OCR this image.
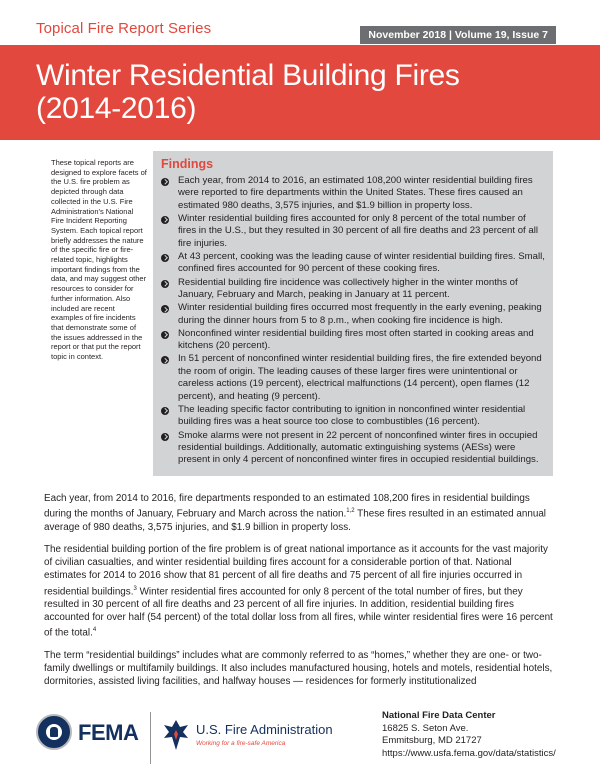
Topical Fire Report Series	November 2018 | Volume 19, Issue 7
Winter Residential Building Fires
(2014-2016)
These topical reports are designed to explore facets of the U.S. fire problem as depicted through data collected in the U.S. Fire Administration's National Fire Incident Reporting System. Each topical report briefly addresses the nature of the specific fire or fire-related topic, highlights important findings from the data, and may suggest other resources to consider for further information. Also included are recent examples of fire incidents that demonstrate some of the issues addressed in the report or that put the report topic in context.
Findings
Each year, from 2014 to 2016, an estimated 108,200 winter residential building fires were reported to fire departments within the United States. These fires caused an estimated 980 deaths, 3,575 injuries, and $1.9 billion in property loss.
Winter residential building fires accounted for only 8 percent of the total number of fires in the U.S., but they resulted in 30 percent of all fire deaths and 23 percent of all fire injuries.
At 43 percent, cooking was the leading cause of winter residential building fires. Small, confined fires accounted for 90 percent of these cooking fires.
Residential building fire incidence was collectively higher in the winter months of January, February and March, peaking in January at 11 percent.
Winter residential building fires occurred most frequently in the early evening, peaking during the dinner hours from 5 to 8 p.m., when cooking fire incidence is high.
Nonconfined winter residential building fires most often started in cooking areas and kitchens (20 percent).
In 51 percent of nonconfined winter residential building fires, the fire extended beyond the room of origin. The leading causes of these larger fires were unintentional or careless actions (19 percent), electrical malfunctions (14 percent), open flames (12 percent), and heating (9 percent).
The leading specific factor contributing to ignition in nonconfined winter residential building fires was a heat source too close to combustibles (16 percent).
Smoke alarms were not present in 22 percent of nonconfined winter fires in occupied residential buildings. Additionally, automatic extinguishing systems (AESs) were present in only 4 percent of nonconfined winter fires in occupied residential buildings.

Each year, from 2014 to 2016, fire departments responded to an estimated 108,200 fires in residential buildings during the months of January, February and March across the nation.$^{1,2}$ These fires resulted in an estimated annual average of 980 deaths, 3,575 injuries, and $1.9 billion in property loss.

The residential building portion of the fire problem is of great national importance as it accounts for the vast majority of civilian casualties, and winter residential building fires account for a considerable portion of that. National estimates for 2014 to 2016 show that 81 percent of all fire deaths and 75 percent of all fire injuries occurred in residential buildings.$^3$ Winter residential fires accounted for only 8 percent of the total number of fires, but they resulted in 30 percent of all fire deaths and 23 percent of all fire injuries. In addition, residential building fires accounted for over half (54 percent) of the total dollar loss from all fires, while winter residential fires were 16 percent of the total.$^4$

The term “residential buildings” includes what are commonly referred to as “homes,” whether they are one- or two-family dwellings or multifamily buildings. It also includes manufactured housing, hotels and motels, residential hotels, dormitories, assisted living facilities, and halfway houses — residences for formerly institutionalized

FEMA	U.S. Fire Administration
Working for a fire-safe America
National Fire Data Center
16825 S. Seton Ave.
Emmitsburg, MD 21727
https://www.usfa.fema.gov/data/statistics/
